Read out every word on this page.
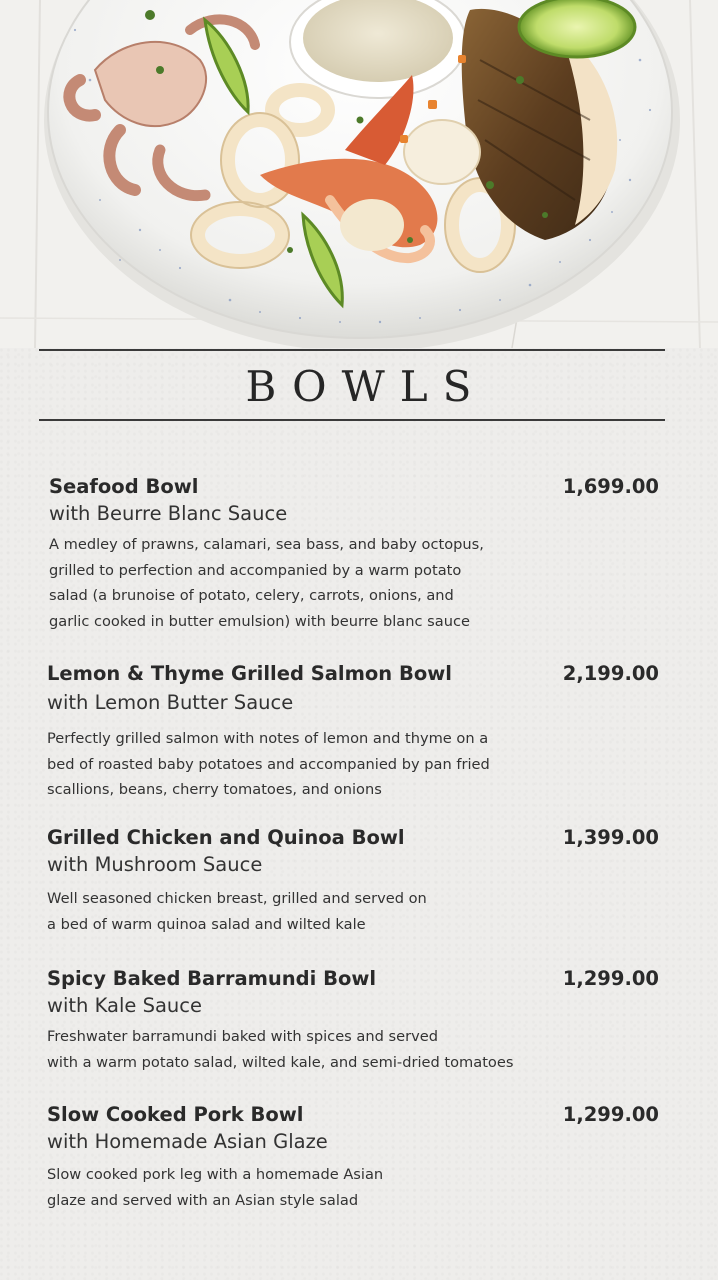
BOWLS
Seafood Bowl
with Beurre Blanc Sauce
A medley of prawns, calamari, sea bass, and baby octopus,
grilled to perfection and accompanied by a warm potato
salad (a brunoise of potato, celery, carrots, onions, and
garlic cooked in butter emulsion) with beurre blanc sauce
1,699.00
Lemon & Thyme Grilled Salmon Bowl
with Lemon Butter Sauce
Perfectly grilled salmon with notes of lemon and thyme on a
bed of roasted baby potatoes and accompanied by pan fried
scallions, beans, cherry tomatoes, and onions
2,199.00
Grilled Chicken and Quinoa Bowl
with Mushroom Sauce
Well seasoned chicken breast, grilled and served on
a bed of warm quinoa salad and wilted kale
1,399.00
Spicy Baked Barramundi Bowl
with Kale Sauce
Freshwater barramundi baked with spices and served
with a warm potato salad, wilted kale, and semi-dried tomatoes
1,299.00
Slow Cooked Pork Bowl
with Homemade Asian Glaze
Slow cooked pork leg with a homemade Asian
glaze and served with an Asian style salad
1,299.00
